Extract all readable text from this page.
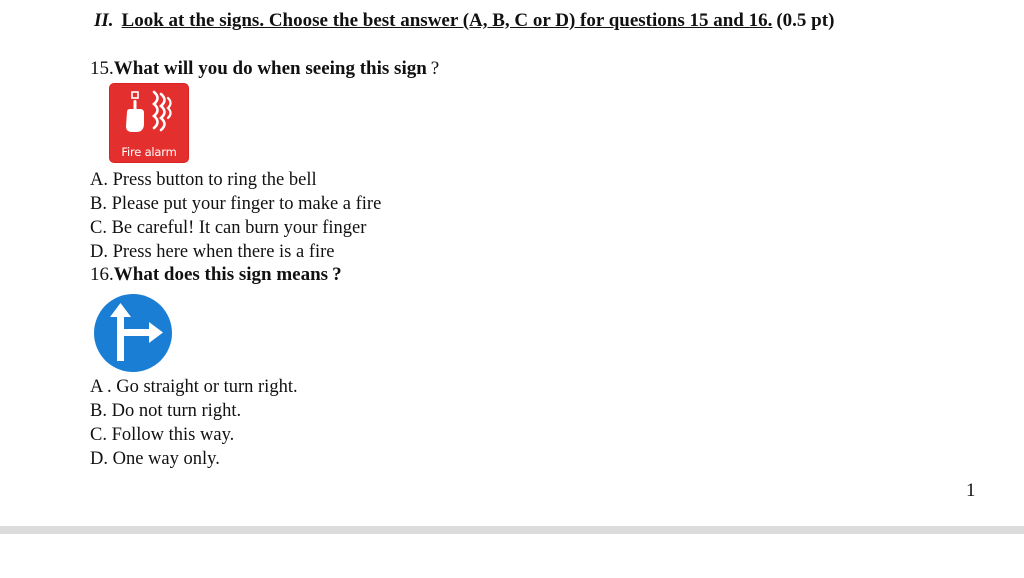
II. Look at the signs. Choose the best answer (A, B, C or D) for questions 15 and 16. (0.5 pt)
15.What will you do when seeing this sign ?
Fire alarm
A. Press button to ring the bell
B. Please put your finger to make a fire
C. Be careful! It can burn your finger
D. Press here when there is a fire
16.What does this sign means ?
A . Go straight or turn right.
B. Do not turn right.
C. Follow this way.
D. One way only.
1
